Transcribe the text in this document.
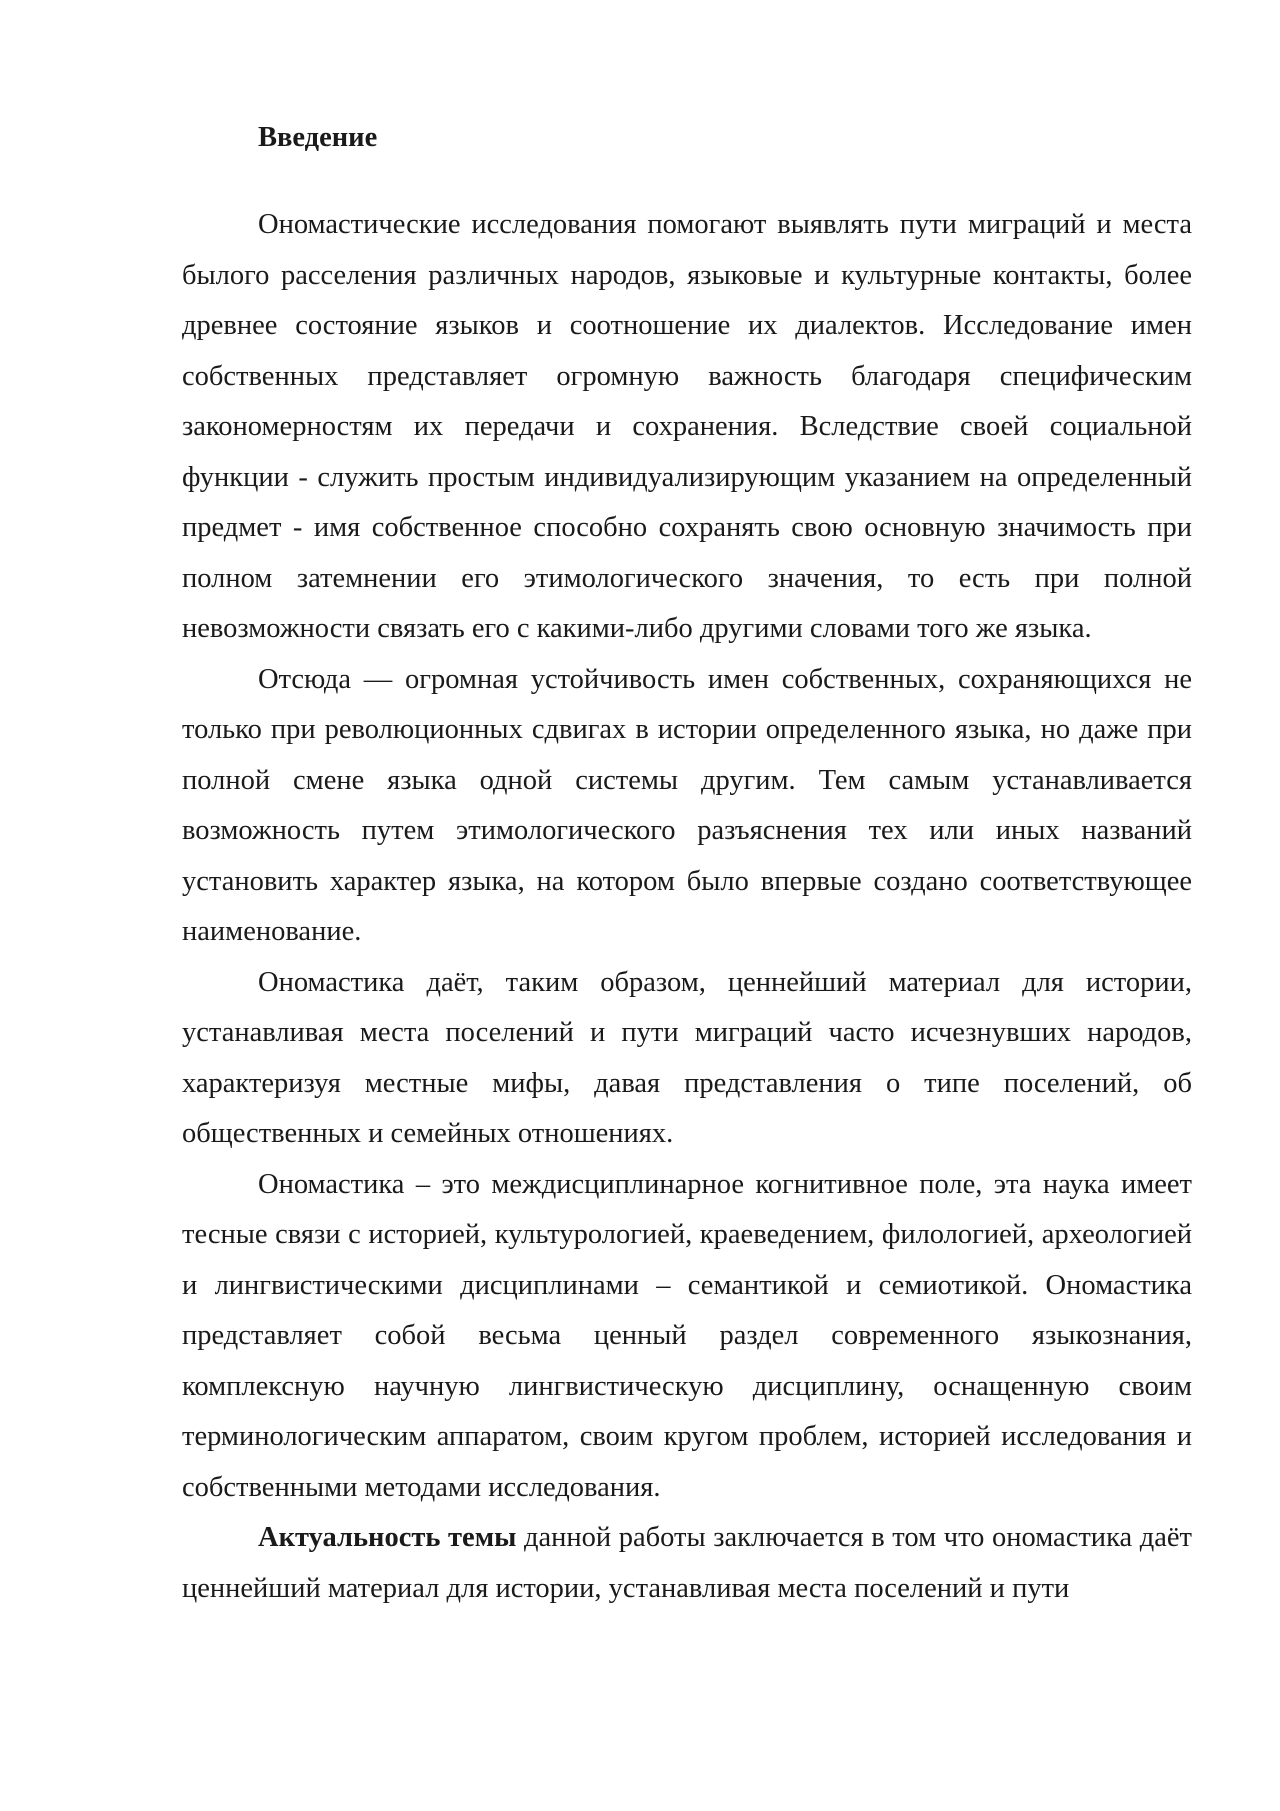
Введение

Ономастические исследования помогают выявлять пути миграций и места былого расселения различных народов, языковые и культурные контакты, более древнее состояние языков и соотношение их диалектов. Исследование имен собственных представляет огромную важность благодаря специфическим закономерностям их передачи и сохранения. Вследствие своей социальной функции - служить простым индивидуализирующим указанием на определенный предмет - имя собственное способно сохранять свою основную значимость при полном затемнении его этимологического значения, то есть при полной невозможности связать его с какими-либо другими словами того же языка.

Отсюда — огромная устойчивость имен собственных, сохраняющихся не только при революционных сдвигах в истории определенного языка, но даже при полной смене языка одной системы другим. Тем самым устанавливается возможность путем этимологического разъяснения тех или иных названий установить характер языка, на котором было впервые создано соответствующее наименование.

Ономастика даёт, таким образом, ценнейший материал для истории, устанавливая места поселений и пути миграций часто исчезнувших народов, характеризуя местные мифы, давая представления о типе поселений, об общественных и семейных отношениях.

Ономастика – это междисциплинарное когнитивное поле, эта наука имеет тесные связи с историей, культурологией, краеведением, филологией, археологией и лингвистическими дисциплинами – семантикой и семиотикой. Ономастика представляет собой весьма ценный раздел современного языкознания, комплексную научную лингвистическую дисциплину, оснащенную своим терминологическим аппаратом, своим кругом проблем, историей исследования и собственными методами исследования.

Актуальность темы данной работы заключается в том что ономастика даёт ценнейший материал для истории, устанавливая места поселений и пути
